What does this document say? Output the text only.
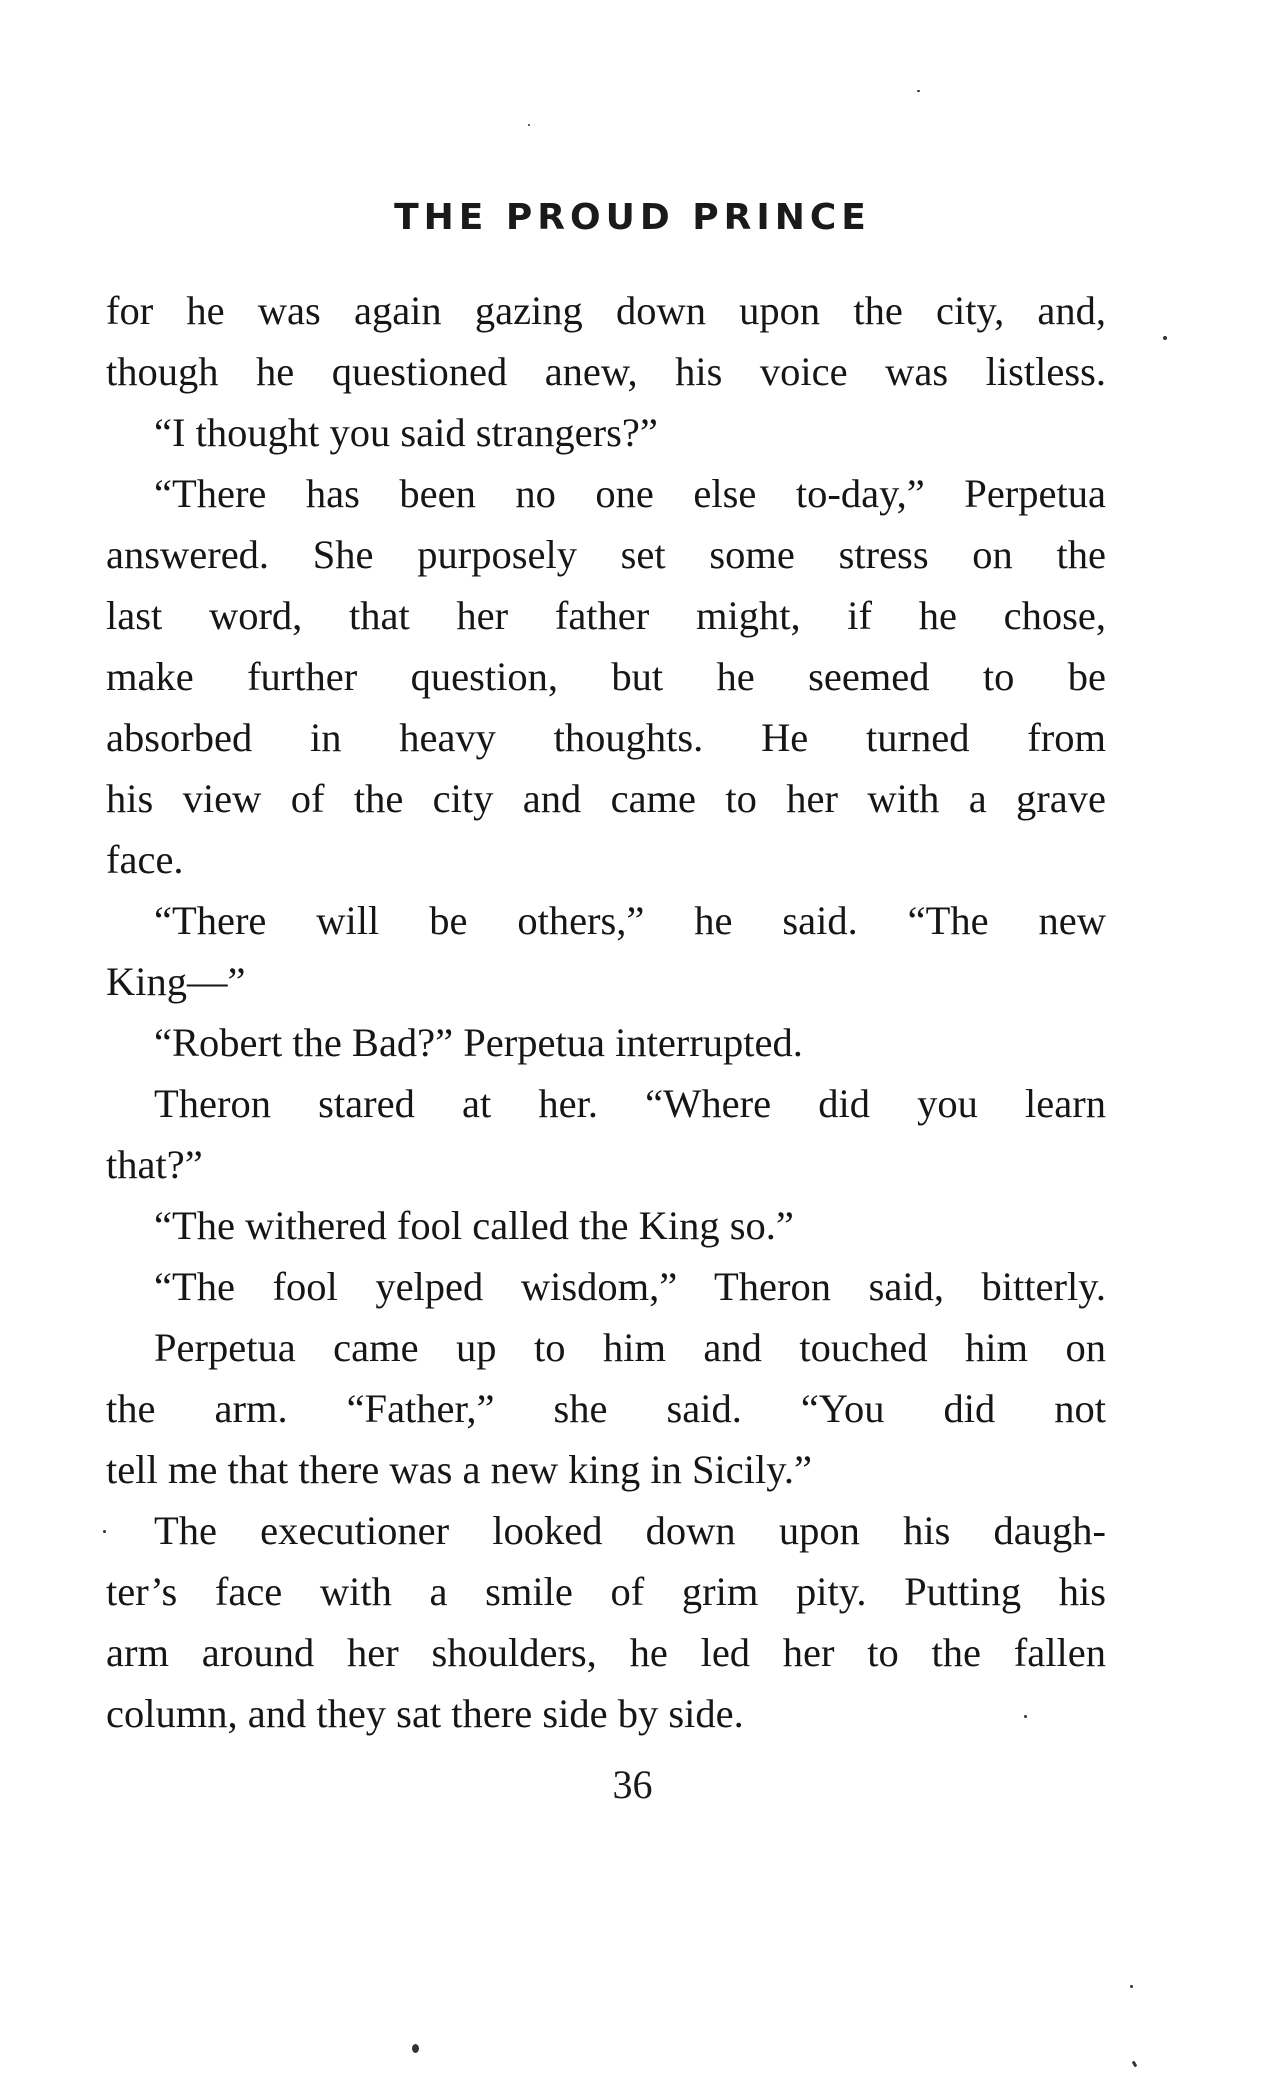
THE PROUD PRINCE
for he was again gazing down upon the city, and,
though he questioned anew, his voice was listless.
“I thought you said strangers?”
“There has been no one else to-day,” Perpetua
answered. She purposely set some stress on the
last word, that her father might, if he chose,
make further question, but he seemed to be
absorbed in heavy thoughts. He turned from
his view of the city and came to her with a grave
face.
“There will be others,” he said. “The new
King—”
“Robert the Bad?” Perpetua interrupted.
Theron stared at her. “Where did you learn
that?”
“The withered fool called the King so.”
“The fool yelped wisdom,” Theron said, bitterly.
Perpetua came up to him and touched him on
the arm. “Father,” she said. “You did not
tell me that there was a new king in Sicily.”
The executioner looked down upon his daugh-
ter’s face with a smile of grim pity. Putting his
arm around her shoulders, he led her to the fallen
column, and they sat there side by side.
36
